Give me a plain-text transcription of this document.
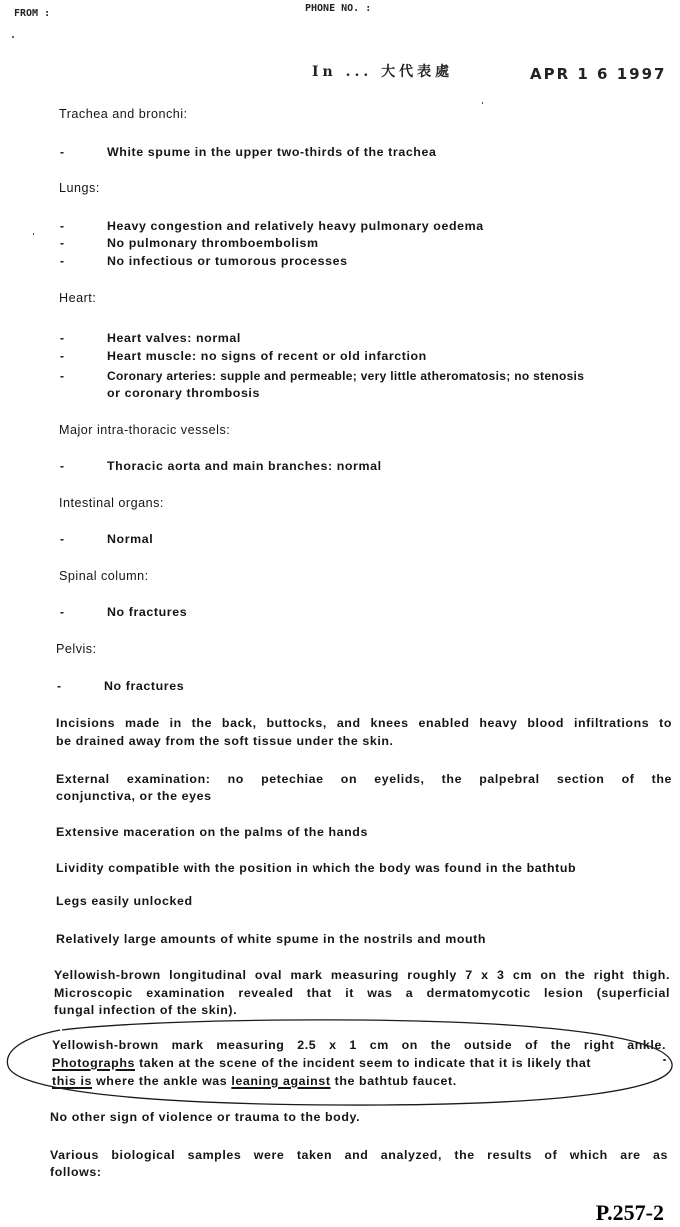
FROM :	PHONE NO. :
In ... 大代表處	APR 1 6 1997
Trachea and bronchi:
-	White spume in the upper two-thirds of the trachea
Lungs:
-	Heavy congestion and relatively heavy pulmonary oedema
-	No pulmonary thromboembolism
-	No infectious or tumorous processes
Heart:
-	Heart valves: normal
-	Heart muscle: no signs of recent or old infarction
-	Coronary arteries: supple and permeable; very little atheromatosis; no stenosis
or coronary thrombosis
Major intra-thoracic vessels:
-	Thoracic aorta and main branches: normal
Intestinal organs:
-	Normal
Spinal column:
-	No fractures
Pelvis:
-	No fractures
Incisions made in the back, buttocks, and knees enabled heavy blood infiltrations to
be drained away from the soft tissue under the skin.
External examination: no petechiae on eyelids, the palpebral section of the
conjunctiva, or the eyes
Extensive maceration on the palms of the hands
Lividity compatible with the position in which the body was found in the bathtub
Legs easily unlocked
Relatively large amounts of white spume in the nostrils and mouth
Yellowish-brown longitudinal oval mark measuring roughly 7 x 3 cm on the right thigh.
Microscopic examination revealed that it was a dermatomycotic lesion (superficial
fungal infection of the skin).
Yellowish-brown mark measuring 2.5 x 1 cm on the outside of the right ankle.
Photographs taken at the scene of the incident seem to indicate that it is likely that
this is where the ankle was leaning against the bathtub faucet.
No other sign of violence or trauma to the body.
Various biological samples were taken and analyzed, the results of which are as
follows:
P.257-2
